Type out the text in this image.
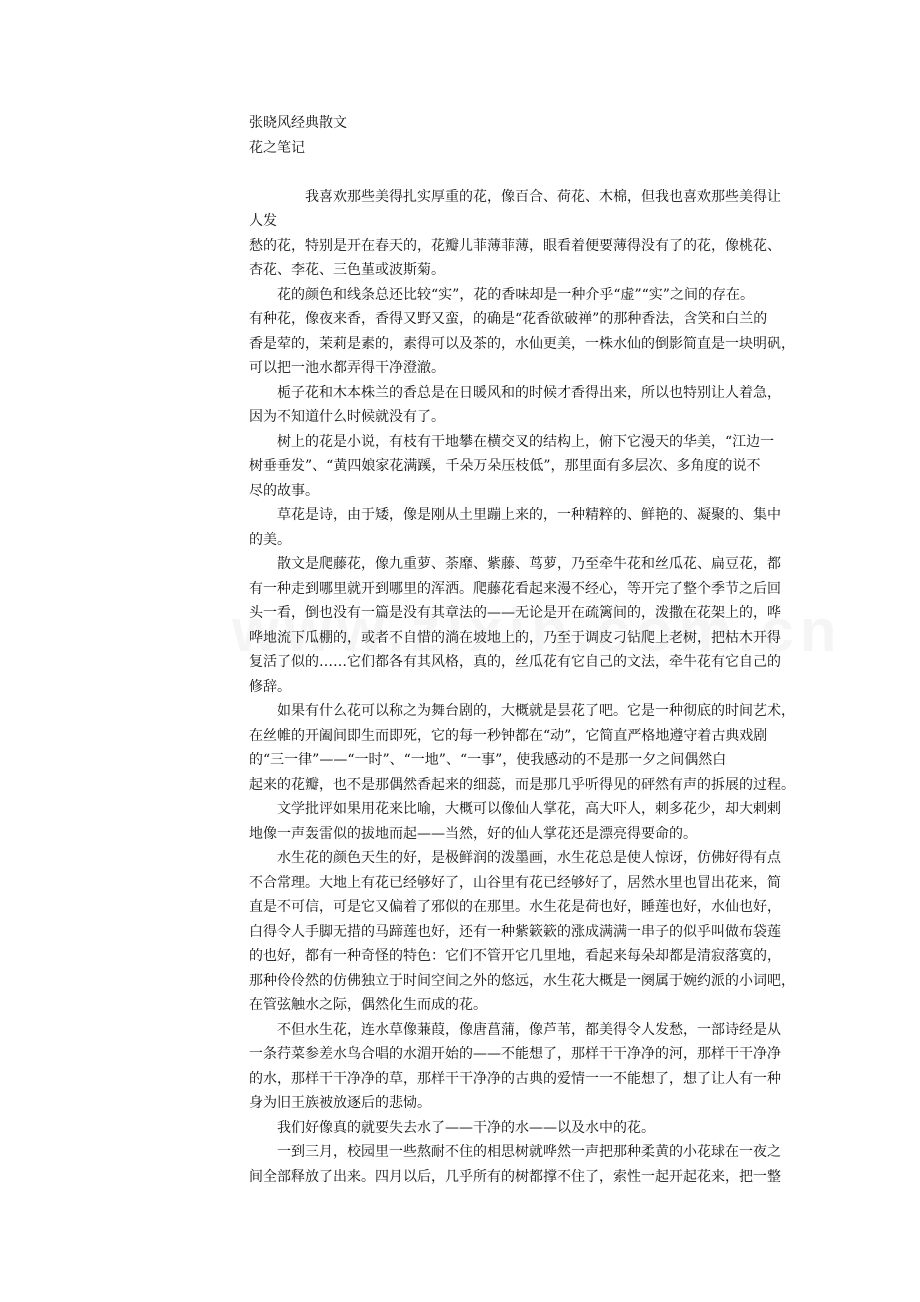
张晓风经典散文
花之笔记
我喜欢那些美得扎实厚重的花，像百合、荷花、木棉，但我也喜欢那些美得让
人发
愁的花，特别是开在春天的，花瓣儿菲薄菲薄，眼看着便要薄得没有了的花，像桃花、
杏花、李花、三色堇或波斯菊。
花的颜色和线条总还比较“实”，花的香味却是一种介乎“虚”“实”之间的存在。
有种花，像夜来香，香得又野又蛮，的确是“花香欲破禅”的那种香法，含笑和白兰的
香是荤的，茉莉是素的，素得可以及茶的，水仙更美，一株水仙的倒影简直是一块明矾，
可以把一池水都弄得干净澄澈。
栀子花和木本株兰的香总是在日暖风和的时候才香得出来，所以也特别让人着急，
因为不知道什么时候就没有了。
树上的花是小说，有枝有干地攀在横交叉的结构上，俯下它漫天的华美，“江边一
树垂垂发”、“黄四娘家花满蹊，千朵万朵压枝低”，那里面有多层次、多角度的说不
尽的故事。
草花是诗，由于矮，像是刚从土里蹦上来的，一种精粹的、鲜艳的、凝聚的、集中
的美。
散文是爬藤花，像九重萝、荼靡、紫藤、茑萝，乃至牵牛花和丝瓜花、扁豆花，都
有一种走到哪里就开到哪里的浑洒。爬藤花看起来漫不经心，等开完了整个季节之后回
头一看，倒也没有一篇是没有其章法的——无论是开在疏篱间的，泼撒在花架上的，哗
哗地流下瓜棚的，或者不自惜的淌在坡地上的，乃至于调皮刁钻爬上老树，把枯木开得
复活了似的……它们都各有其风格，真的，丝瓜花有它自己的文法，牵牛花有它自己的
修辞。
如果有什么花可以称之为舞台剧的，大概就是昙花了吧。它是一种彻底的时间艺术，
在丝帷的开阖间即生而即死，它的每一秒钟都在“动”，它简直严格地遵守着古典戏剧
的“三一律”——“一时”、“一地”、“一事”，使我感动的不是那一夕之间偶然白
起来的花瓣，也不是那偶然香起来的细蕊，而是那几乎听得见的砰然有声的拆展的过程。
文学批评如果用花来比喻，大概可以像仙人掌花，高大吓人，刺多花少，却大剌剌
地像一声轰雷似的拔地而起——当然，好的仙人掌花还是漂亮得要命的。
水生花的颜色天生的好，是极鲜润的泼墨画，水生花总是使人惊讶，仿佛好得有点
不合常理。大地上有花已经够好了，山谷里有花已经够好了，居然水里也冒出花来，简
直是不可信，可是它又偏着了邪似的在那里。水生花是荷也好，睡莲也好，水仙也好，
白得令人手脚无措的马蹄莲也好，还有一种紫簌簌的涨成满满一串子的似乎叫做布袋莲
的也好，都有一种奇怪的特色：它们不管开它几里地，看起来每朵却都是清寂落寞的，
那种伶伶然的仿佛独立于时间空间之外的悠远，水生花大概是一阕属于婉约派的小词吧，
在管弦触水之际，偶然化生而成的花。
不但水生花，连水草像蒹葭，像唐菖蒲，像芦苇，都美得令人发愁，一部诗经是从
一条荇菜参差水鸟合唱的水湄开始的——不能想了，那样干干净净的河，那样干干净净
的水，那样干干净净的草，那样干干净净的古典的爱情一一不能想了，想了让人有一种
身为旧王族被放逐后的悲恸。
我们好像真的就要失去水了——干净的水——以及水中的花。
一到三月，校园里一些熬耐不住的相思树就哗然一声把那种柔黄的小花球在一夜之
间全部释放了出来。四月以后，几乎所有的树都撑不住了，索性一起开起花来，把一整
